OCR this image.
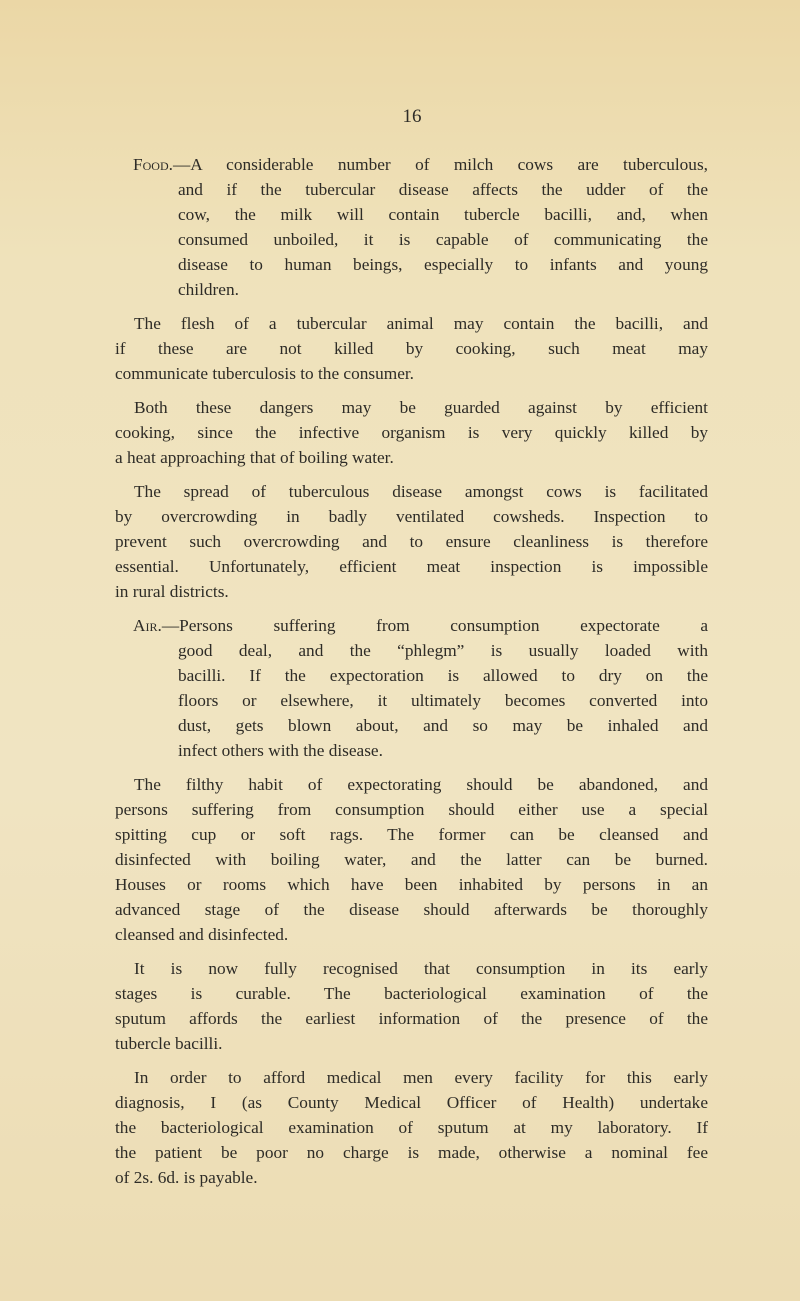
16
Food.—A considerable number of milch cows are tuberculous,
and if the tubercular disease affects the udder of the
cow, the milk will contain tubercle bacilli, and, when
consumed unboiled, it is capable of communicating the
disease to human beings, especially to infants and young
children.
The flesh of a tubercular animal may contain the bacilli, and
if these are not killed by cooking, such meat may
communicate tuberculosis to the consumer.
Both these dangers may be guarded against by efficient
cooking, since the infective organism is very quickly killed by
a heat approaching that of boiling water.
The spread of tuberculous disease amongst cows is facilitated
by overcrowding in badly ventilated cowsheds. Inspection to
prevent such overcrowding and to ensure cleanliness is therefore
essential. Unfortunately, efficient meat inspection is impossible
in rural districts.
Air.—Persons suffering from consumption expectorate a
good deal, and the “phlegm” is usually loaded with
bacilli. If the expectoration is allowed to dry on the
floors or elsewhere, it ultimately becomes converted into
dust, gets blown about, and so may be inhaled and
infect others with the disease.
The filthy habit of expectorating should be abandoned, and
persons suffering from consumption should either use a special
spitting cup or soft rags. The former can be cleansed and
disinfected with boiling water, and the latter can be burned.
Houses or rooms which have been inhabited by persons in an
advanced stage of the disease should afterwards be thoroughly
cleansed and disinfected.
It is now fully recognised that consumption in its early
stages is curable. The bacteriological examination of the
sputum affords the earliest information of the presence of the
tubercle bacilli.
In order to afford medical men every facility for this early
diagnosis, I (as County Medical Officer of Health) undertake
the bacteriological examination of sputum at my laboratory. If
the patient be poor no charge is made, otherwise a nominal fee
of 2s. 6d. is payable.
